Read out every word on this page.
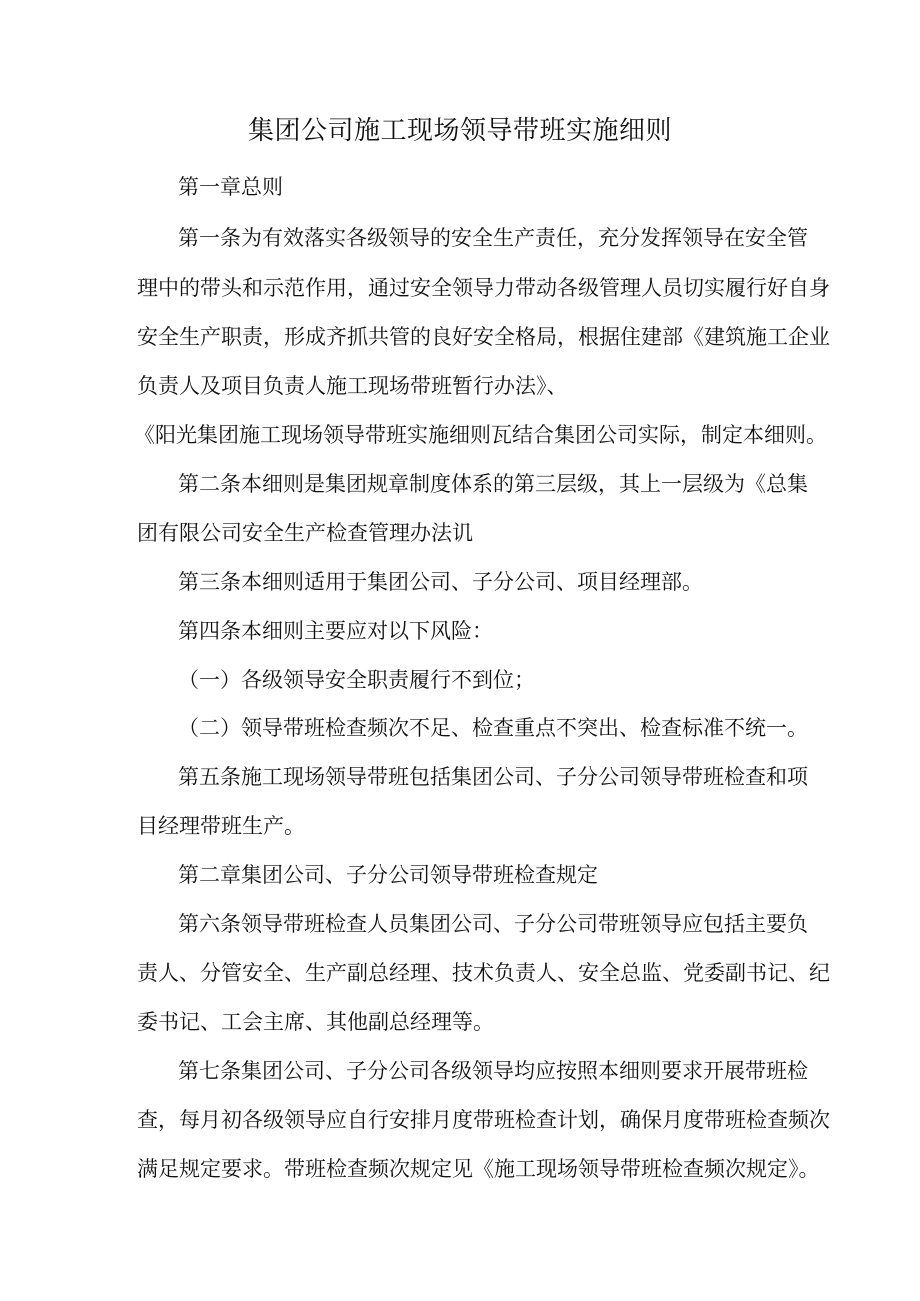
集团公司施工现场领导带班实施细则

第一章总则

第一条为有效落实各级领导的安全生产责任，充分发挥领导在安全管

理中的带头和示范作用，通过安全领导力带动各级管理人员切实履行好自身

安全生产职责，形成齐抓共管的良好安全格局，根据住建部《建筑施工企业

负责人及项目负责人施工现场带班暂行办法》、

《阳光集团施工现场领导带班实施细则瓦结合集团公司实际，制定本细则。

第二条本细则是集团规章制度体系的第三层级，其上一层级为《总集

团有限公司安全生产检查管理办法讥

第三条本细则适用于集团公司、子分公司、项目经理部。

第四条本细则主要应对以下风险：

（一）各级领导安全职责履行不到位；

（二）领导带班检查频次不足、检查重点不突出、检查标准不统一。

第五条施工现场领导带班包括集团公司、子分公司领导带班检查和项

目经理带班生产。

第二章集团公司、子分公司领导带班检查规定

第六条领导带班检查人员集团公司、子分公司带班领导应包括主要负

责人、分管安全、生产副总经理、技术负责人、安全总监、党委副书记、纪

委书记、工会主席、其他副总经理等。

第七条集团公司、子分公司各级领导均应按照本细则要求开展带班检

查，每月初各级领导应自行安排月度带班检查计划，确保月度带班检查频次

满足规定要求。带班检查频次规定见《施工现场领导带班检查频次规定》。
